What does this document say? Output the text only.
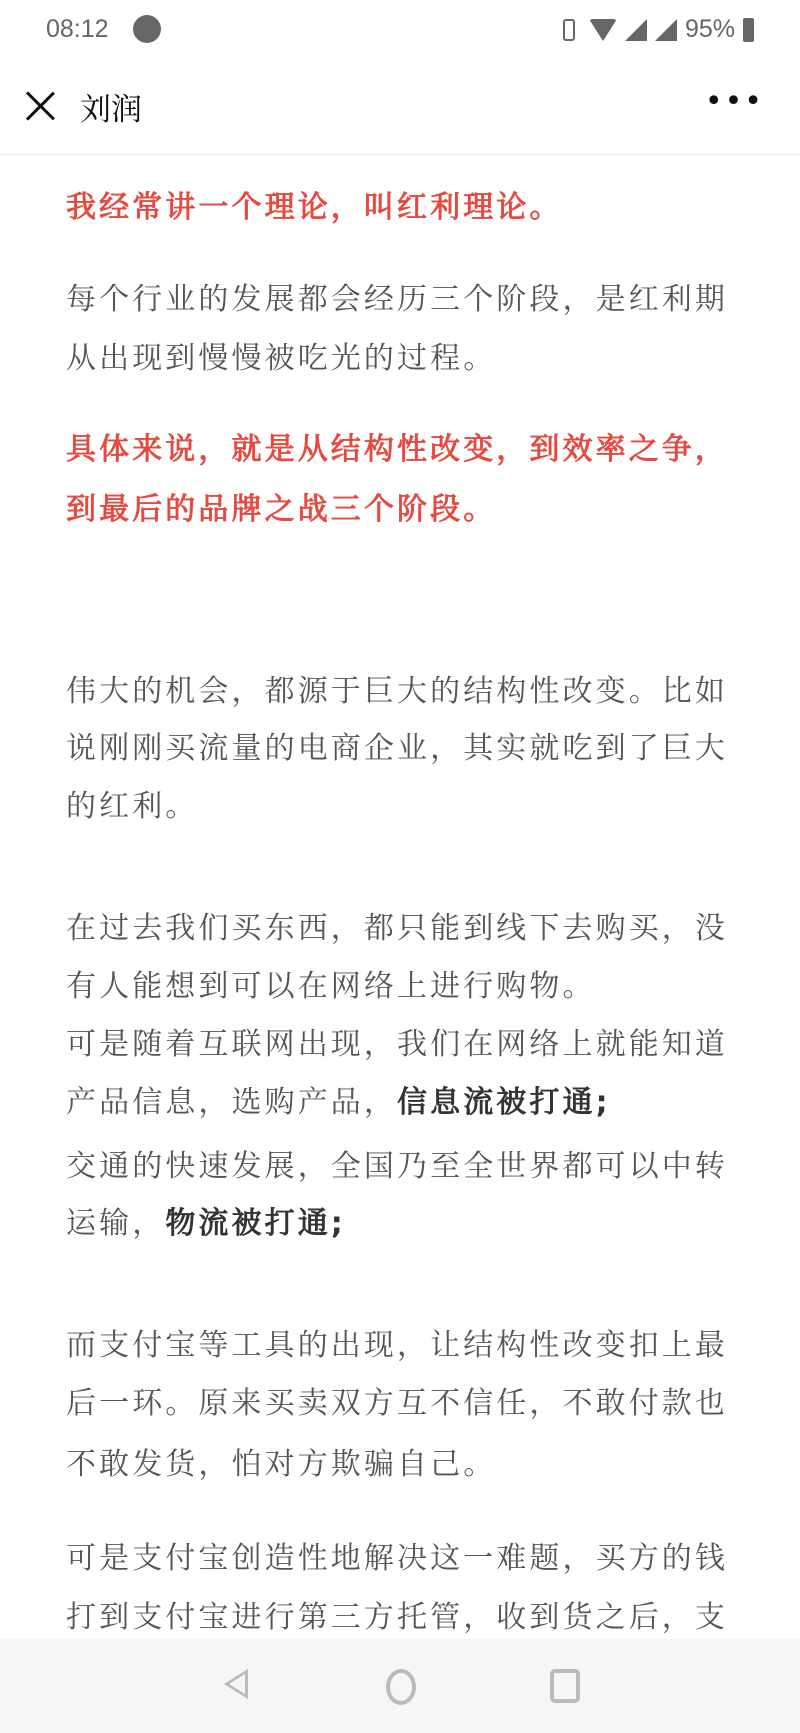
08:12	95%
刘润	•••
我经常讲一个理论，叫红利理论。
每个行业的发展都会经历三个阶段，是红利期
从出现到慢慢被吃光的过程。
具体来说，就是从结构性改变，到效率之争，
到最后的品牌之战三个阶段。
伟大的机会，都源于巨大的结构性改变。比如
说刚刚买流量的电商企业，其实就吃到了巨大
的红利。
在过去我们买东西，都只能到线下去购买，没
有人能想到可以在网络上进行购物。
可是随着互联网出现，我们在网络上就能知道
产品信息，选购产品，信息流被打通;
交通的快速发展，全国乃至全世界都可以中转
运输，物流被打通;
而支付宝等工具的出现，让结构性改变扣上最
后一环。原来买卖双方互不信任，不敢付款也
不敢发货，怕对方欺骗自己。
可是支付宝创造性地解决这一难题，买方的钱
打到支付宝进行第三方托管，收到货之后，支
